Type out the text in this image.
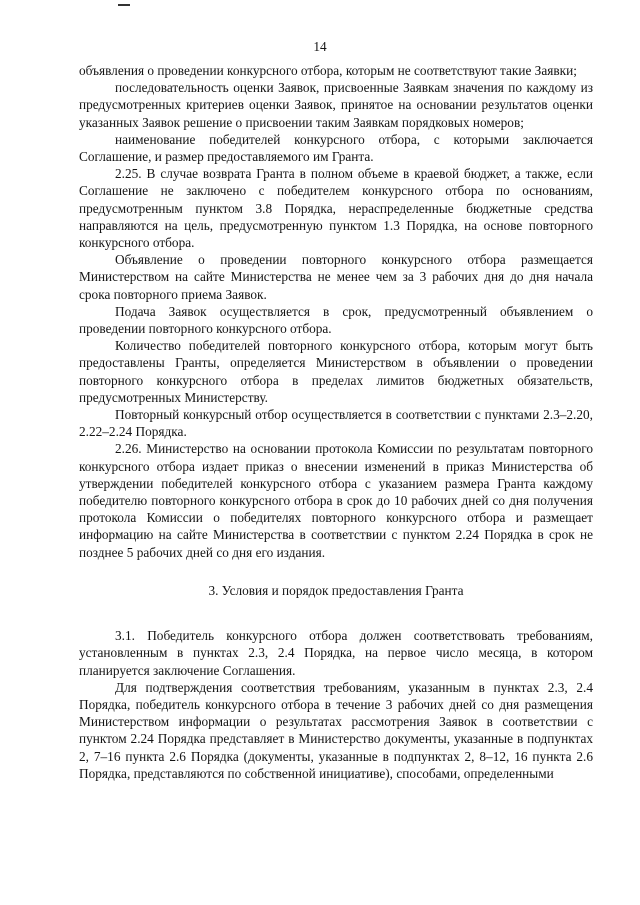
14

объявления о проведении конкурсного отбора, которым не соответствуют такие Заявки;

последовательность оценки Заявок, присвоенные Заявкам значения по каждому из предусмотренных критериев оценки Заявок, принятое на основании результатов оценки указанных Заявок решение о присвоении таким Заявкам порядковых номеров;

наименование победителей конкурсного отбора, с которыми заключается Соглашение, и размер предоставляемого им Гранта.

2.25. В случае возврата Гранта в полном объеме в краевой бюджет, а также, если Соглашение не заключено с победителем конкурсного отбора по основаниям, предусмотренным пунктом 3.8 Порядка, нераспределенные бюджетные средства направляются на цель, предусмотренную пунктом 1.3 Порядка, на основе повторного конкурсного отбора.

Объявление о проведении повторного конкурсного отбора размещается Министерством на сайте Министерства не менее чем за 3 рабочих дня до дня начала срока повторного приема Заявок.

Подача Заявок осуществляется в срок, предусмотренный объявлением о проведении повторного конкурсного отбора.

Количество победителей повторного конкурсного отбора, которым могут быть предоставлены Гранты, определяется Министерством в объявлении о проведении повторного конкурсного отбора в пределах лимитов бюджетных обязательств, предусмотренных Министерству.

Повторный конкурсный отбор осуществляется в соответствии с пунктами 2.3–2.20, 2.22–2.24 Порядка.

2.26. Министерство на основании протокола Комиссии по результатам повторного конкурсного отбора издает приказ о внесении изменений в приказ Министерства об утверждении победителей конкурсного отбора с указанием размера Гранта каждому победителю повторного конкурсного отбора в срок до 10 рабочих дней со дня получения протокола Комиссии о победителях повторного конкурсного отбора и размещает информацию на сайте Министерства в соответствии с пунктом 2.24 Порядка в срок не позднее 5 рабочих дней со дня его издания.

3. Условия и порядок предоставления Гранта

3.1. Победитель конкурсного отбора должен соответствовать требованиям, установленным в пунктах 2.3, 2.4 Порядка, на первое число месяца, в котором планируется заключение Соглашения.

Для подтверждения соответствия требованиям, указанным в пунктах 2.3, 2.4 Порядка, победитель конкурсного отбора в течение 3 рабочих дней со дня размещения Министерством информации о результатах рассмотрения Заявок в соответствии с пунктом 2.24 Порядка представляет в Министерство документы, указанные в подпунктах 2, 7–16 пункта 2.6 Порядка (документы, указанные в подпунктах 2, 8–12, 16 пункта 2.6 Порядка, представляются по собственной инициативе), способами, определенными
